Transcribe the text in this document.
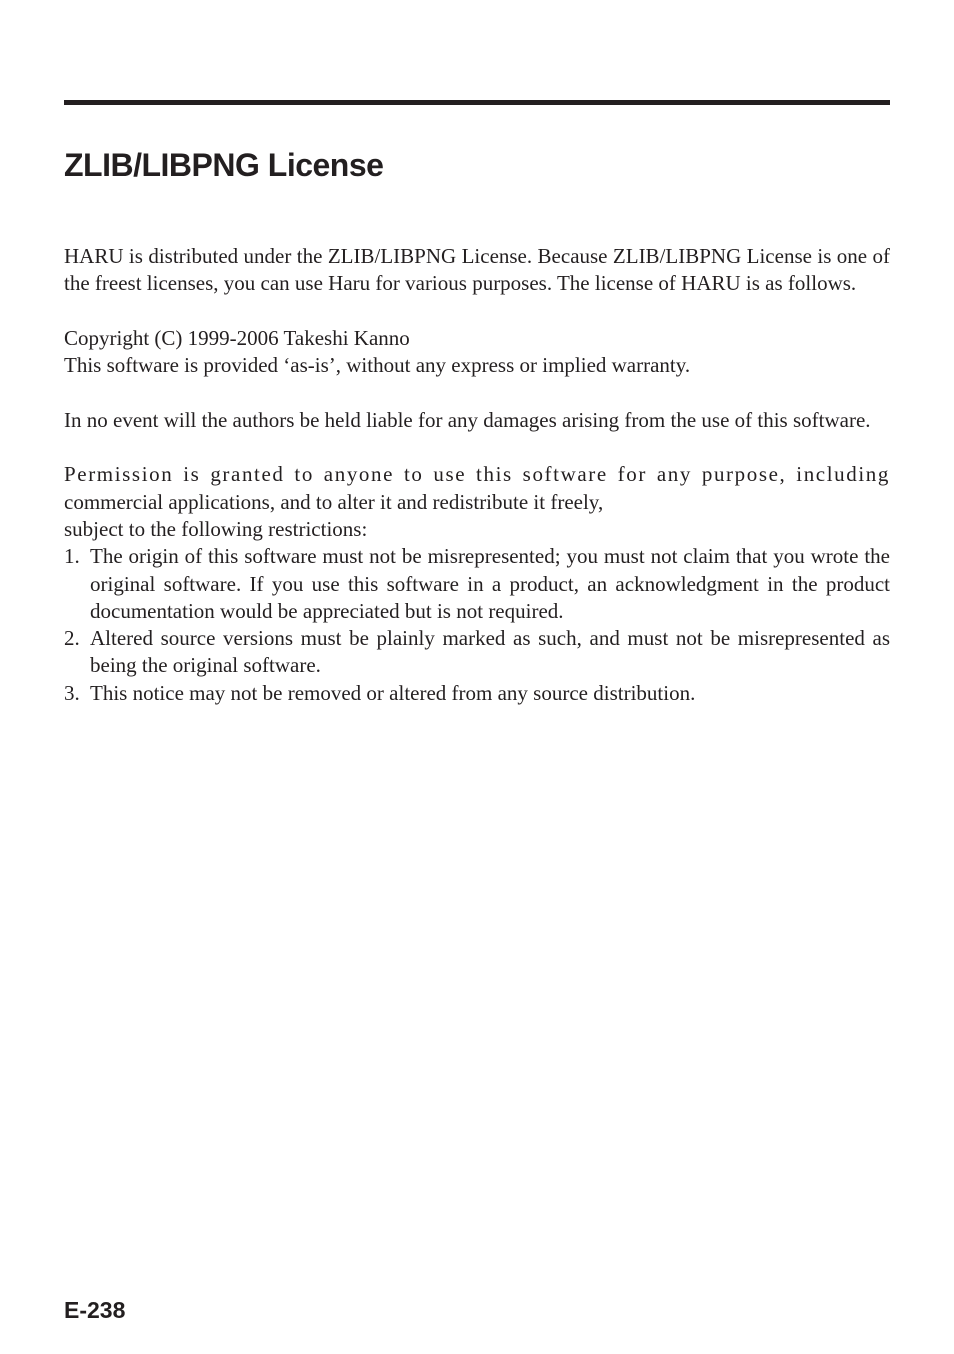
ZLIB/LIBPNG License

HARU is distributed under the ZLIB/LIBPNG License. Because ZLIB/LIBPNG License is one of the freest licenses, you can use Haru for various purposes. The license of HARU is as follows.

Copyright (C) 1999-2006 Takeshi Kanno

This software is provided ‘as-is’, without any express or implied warranty.

In no event will the authors be held liable for any damages arising from the use of this software.

Permission is granted to anyone to use this software for any purpose, including

commercial applications, and to alter it and redistribute it freely,

subject to the following restrictions:

1. The origin of this software must not be misrepresented; you must not claim that you wrote the original software. If you use this software in a product, an acknowledgment in the product documentation would be appreciated but is not required.
2. Altered source versions must be plainly marked as such, and must not be misrepresented as being the original software.
3. This notice may not be removed or altered from any source distribution.
E-238
